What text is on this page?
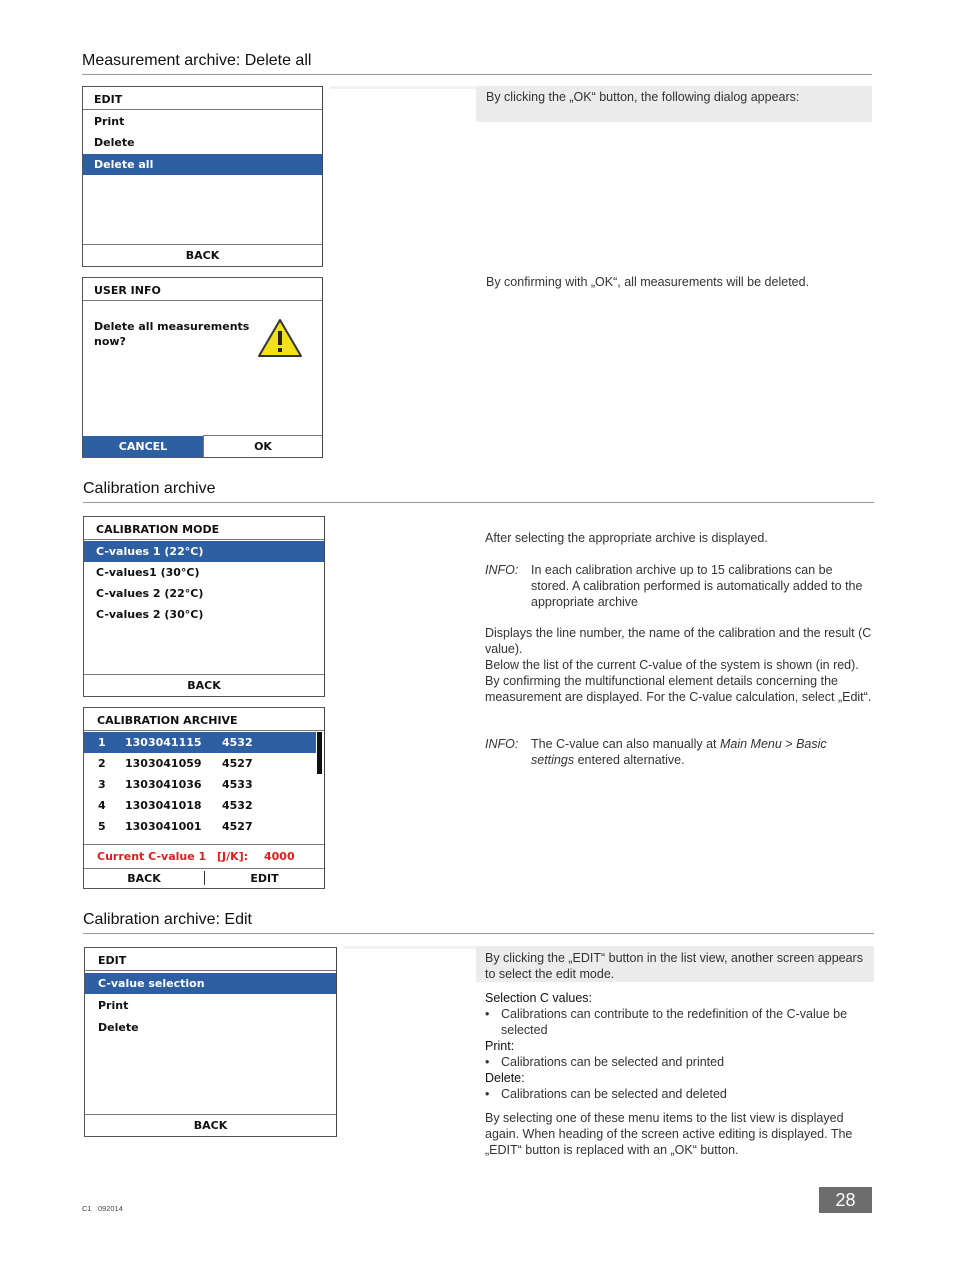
Measurement archive: Delete all
By clicking the „OK“ button, the following dialog appears:
EDIT
Print
Delete
Delete all
BACK
By confirming with „OK“, all measurements will be deleted.
USER INFO
Delete all measurements
now?
CANCEL	OK
Calibration archive
CALIBRATION MODE
C-values 1 (22°C)
C-values1 (30°C)
C-values 2 (22°C)
C-values 2 (30°C)
BACK
CALIBRATION ARCHIVE
1 1303041115 4532
2 1303041059 4527
3 1303041036 4533
4 1303041018 4532
5 1303041001 4527
Current C-value 1 [J/K]: 4000
BACK	EDIT
After selecting the appropriate archive is displayed.
INFO: In each calibration archive up to 15 calibrations can be stored. A calibration performed is automatically added to the appropriate archive
Displays the line number, the name of the calibration and the result (C value).
Below the list of the current C-value of the system is shown (in red). By confirming the multifunctional element details concerning the measurement are displayed. For the C-value calculation, select „Edit“.
INFO: The C-value can also manually at Main Menu > Basic settings entered alternative.
Calibration archive: Edit
By clicking the „EDIT“ button in the list view, another screen appears to select the edit mode.
EDIT
C-value selection
Print
Delete
BACK

Selection C values:

• Calibrations can contribute to the redefinition of the C-value be selected

Print:

• Calibrations can be selected and printed

Delete:

• Calibrations can be selected and deleted
By selecting one of these menu items to the list view is displayed again. When heading of the screen active editing is displayed. The „EDIT“ button is replaced with an „OK“ button.
C1   092014	28
